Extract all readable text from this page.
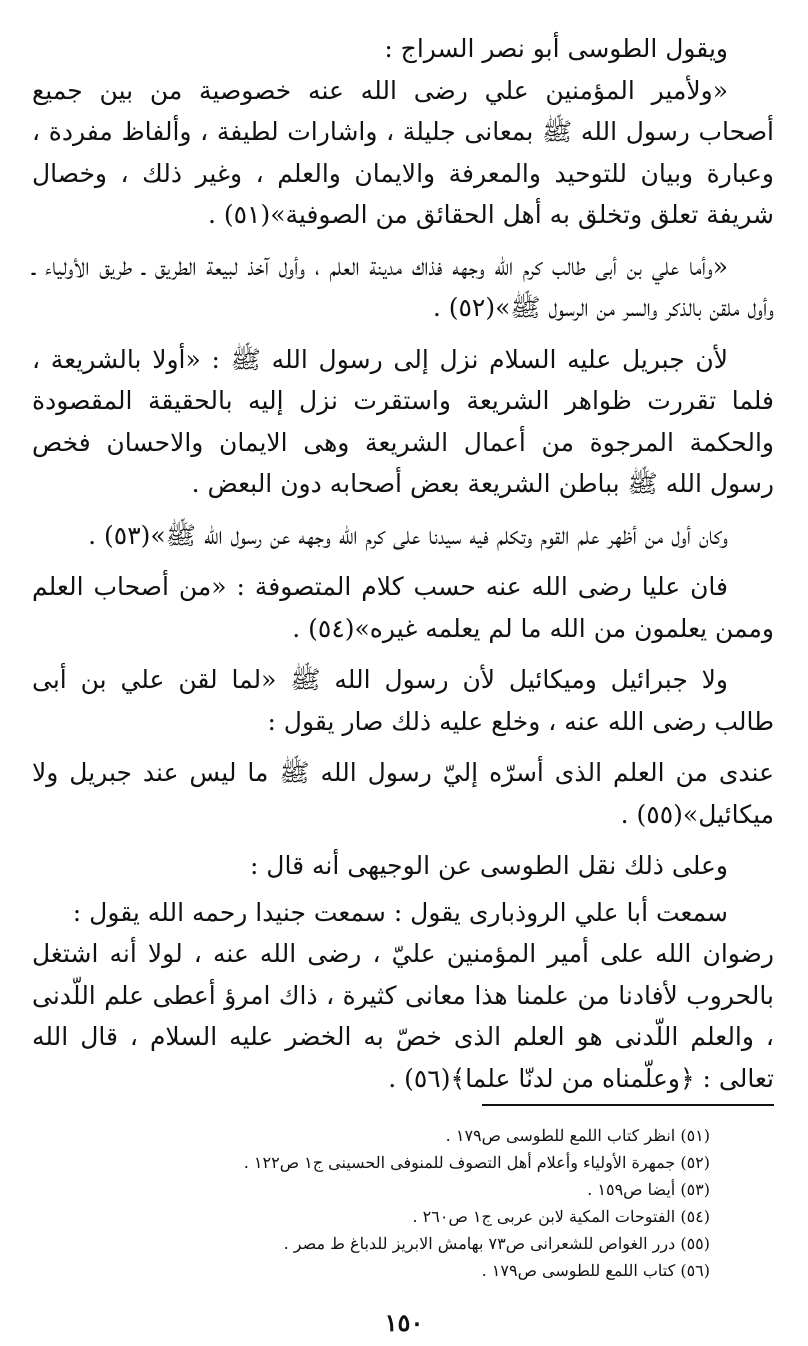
ويقول الطوسى أبو نصر السراج :

«ولأمير المؤمنين علي رضى الله عنه خصوصية من بين جميع أصحاب رسول الله ﷺ بمعانى جليلة ، واشارات لطيفة ، وألفاظ مفردة ، وعبارة وبيان للتوحيد والمعرفة والايمان والعلم ، وغير ذلك ، وخصال شريفة تعلق وتخلق به أهل الحقائق من الصوفية»(٥١) .

«وأما علي بن أبى طالب كرم الله وجهه فذاك مدينة العلم ، وأول آخذ لبيعة الطريق ـ طريق الأولياء ـ وأول ملقن بالذكر والسر من الرسول ﷺ»(٥٢) .

لأن جبريل عليه السلام نزل إلى رسول الله ﷺ : «أولا بالشريعة ، فلما تقررت ظواهر الشريعة واستقرت نزل إليه بالحقيقة المقصودة والحكمة المرجوة من أعمال الشريعة وهى الايمان والاحسان فخص رسول الله ﷺ بباطن الشريعة بعض أصحابه دون البعض .

وكان أول من أظهر علم القوم وتكلم فيه سيدنا على كرم الله وجهه عن رسول الله ﷺ»(٥٣) .

فان عليا رضى الله عنه حسب كلام المتصوفة : «من أصحاب العلم وممن يعلمون من الله ما لم يعلمه غيره»(٥٤) .

ولا جبرائيل وميكائيل لأن رسول الله ﷺ «لما لقن علي بن أبى طالب رضى الله عنه ، وخلع عليه ذلك صار يقول :

عندى من العلم الذى أسرّه إليّ رسول الله ﷺ ما ليس عند جبريل ولا ميكائيل»(٥٥) .

وعلى ذلك نقل الطوسى عن الوجيهى أنه قال :

سمعت أبا علي الروذبارى يقول : سمعت جنيدا رحمه الله يقول :

رضوان الله على أمير المؤمنين عليّ ، رضى الله عنه ، لولا أنه اشتغل بالحروب لأفادنا من علمنا هذا معانى كثيرة ، ذاك امرؤ أعطى علم اللّدنى ، والعلم اللّدنى هو العلم الذى خصّ به الخضر عليه السلام ، قال الله تعالى : ﴿وعلّمناه من لدنّا علما﴾(٥٦) .

(٥١) انظر كتاب اللمع للطوسى ص١٧٩ .
(٥٢) جمهرة الأولياء وأعلام أهل التصوف للمنوفى الحسينى ج١ ص١٢٢ .
(٥٣) أيضا ص١٥٩ .
(٥٤) الفتوحات المكية لابن عربى ج١ ص٢٦٠ .
(٥٥) درر الغواص للشعرانى ص٧٣ بهامش الابريز للدباغ ط مصر .
(٥٦) كتاب اللمع للطوسى ص١٧٩ .
١٥٠
